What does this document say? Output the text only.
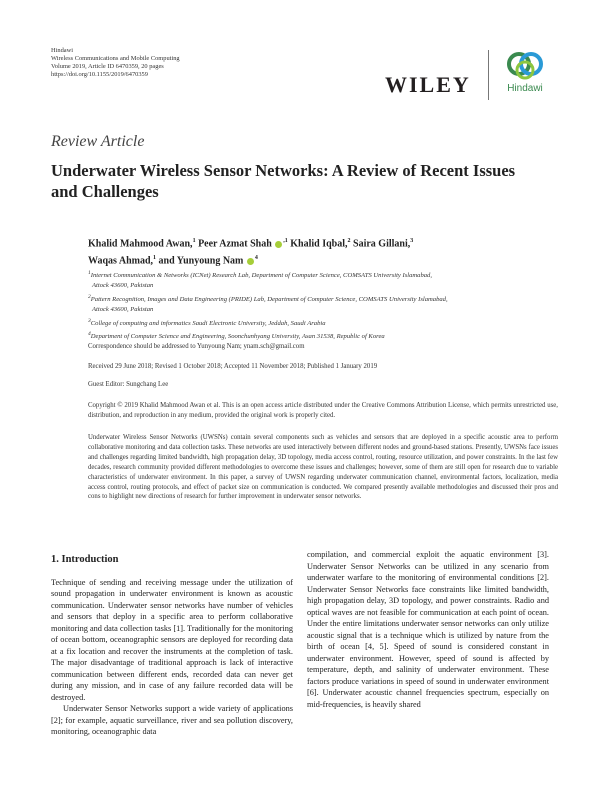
Hindawi
Wireless Communications and Mobile Computing
Volume 2019, Article ID 6470359, 20 pages
https://doi.org/10.1155/2019/6470359	WILEY	Hindawi
Review Article
Underwater Wireless Sensor Networks: A Review of Recent Issues and Challenges
Khalid Mahmood Awan,$^1$ Peer Azmat Shah $^{,1}$ Khalid Iqbal,$^2$ Saira Gillani,$^3$
Waqas Ahmad,$^1$ and Yunyoung Nam $^4$
$^1$Internet Communication & Networks (ICNet) Research Lab, Department of Computer Science, COMSATS University Islamabad,
Attock 43600, Pakistan
$^2$Pattern Recognition, Images and Data Engineering (PRIDE) Lab, Department of Computer Science, COMSATS University Islamabad,
Attock 43600, Pakistan
$^3$College of computing and informatics Saudi Electronic University, Jeddah, Saudi Arabia
$^4$Department of Computer Science and Engineering, Soonchunhyang University, Asan 31538, Republic of Korea
Correspondence should be addressed to Yunyoung Nam; ynam.sch@gmail.com
Received 29 June 2018; Revised 1 October 2018; Accepted 11 November 2018; Published 1 January 2019
Guest Editor: Sungchang Lee
Copyright © 2019 Khalid Mahmood Awan et al. This is an open access article distributed under the Creative Commons Attribution License, which permits unrestricted use, distribution, and reproduction in any medium, provided the original work is properly cited.
Underwater Wireless Sensor Networks (UWSNs) contain several components such as vehicles and sensors that are deployed in a specific acoustic area to perform collaborative monitoring and data collection tasks. These networks are used interactively between different nodes and ground-based stations. Presently, UWSNs face issues and challenges regarding limited bandwidth, high propagation delay, 3D topology, media access control, routing, resource utilization, and power constraints. In the last few decades, research community provided different methodologies to overcome these issues and challenges; however, some of them are still open for research due to variable characteristics of underwater environment. In this paper, a survey of UWSN regarding underwater communication channel, environmental factors, localization, media access control, routing protocols, and effect of packet size on communication is conducted. We compared presently available methodologies and discussed their pros and cons to highlight new directions of research for further improvement in underwater sensor networks.
1. Introduction

Technique of sending and receiving message under the utilization of sound propagation in underwater environment is known as acoustic communication. Underwater sensor networks have number of vehicles and sensors that deploy in a specific area to perform collaborative monitoring and data collection tasks [1]. Traditionally for the monitoring of ocean bottom, oceanographic sensors are deployed for recording data at a fix location and recover the instruments at the completion of task. The major disadvantage of traditional approach is lack of interactive communication between different ends, recorded data can never get during any mission, and in case of any failure recorded data will be destroyed.

Underwater Sensor Networks support a wide variety of applications [2]; for example, aquatic surveillance, river and sea pollution discovery, monitoring, oceanographic data

compilation, and commercial exploit the aquatic environment [3]. Underwater Sensor Networks can be utilized in any scenario from underwater warfare to the monitoring of environmental conditions [2]. Underwater Sensor Networks face constraints like limited bandwidth, high propagation delay, 3D topology, and power constraints. Radio and optical waves are not feasible for communication at each point of ocean. Under the entire limitations underwater sensor networks can only utilize acoustic signal that is a technique which is utilized by nature from the birth of ocean [4, 5]. Speed of sound is considered constant in underwater environment. However, speed of sound is affected by temperature, depth, and salinity of underwater environment. These factors produce variations in speed of sound in underwater environment [6]. Underwater acoustic channel frequencies spectrum, especially on mid-frequencies, is heavily shared
